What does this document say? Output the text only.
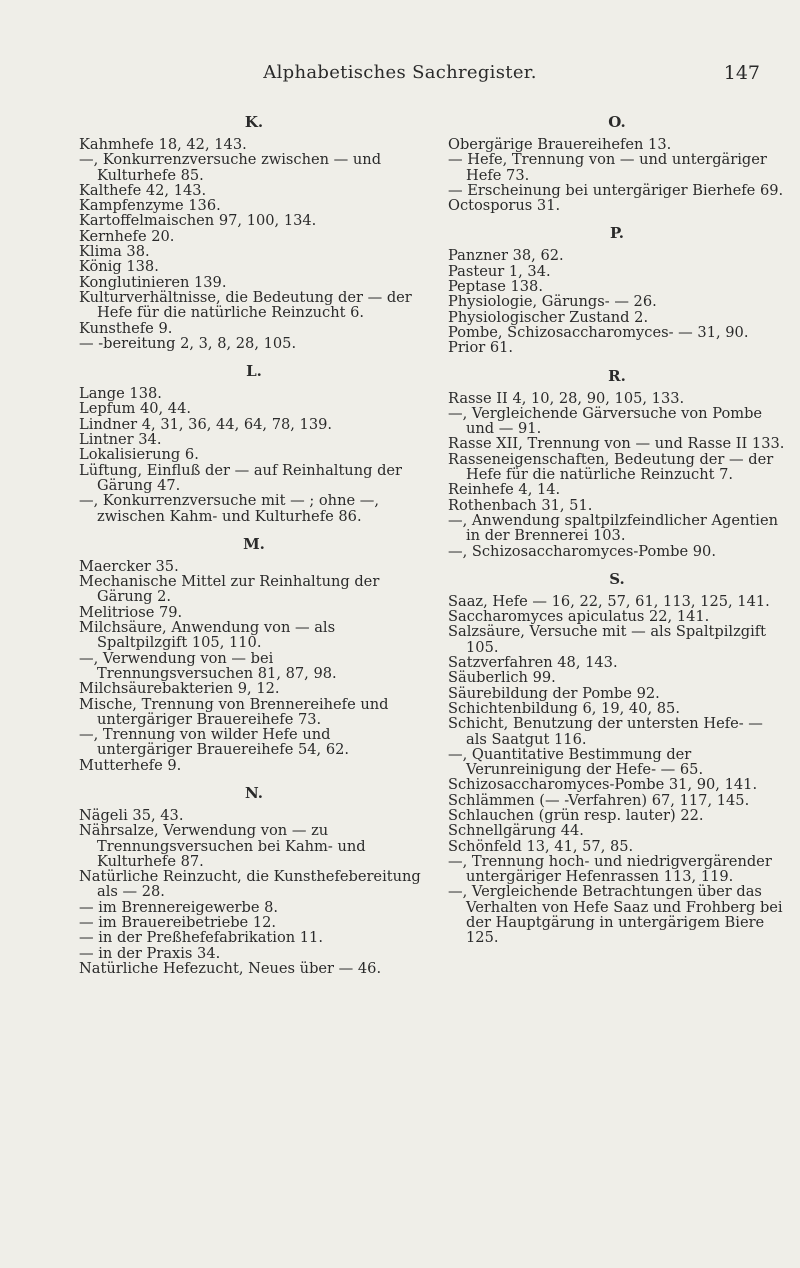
Alphabetisches Sachregister.	147
K.
Kahmhefe 18, 42, 143.
—, Konkurrenzversuche zwischen — und Kulturhefe 85.
Kalthefe 42, 143.
Kampfenzyme 136.
Kartoffelmaischen 97, 100, 134.
Kernhefe 20.
Klima 38.
König 138.
Konglutinieren 139.
Kulturverhältnisse, die Bedeutung der — der Hefe für die natürliche Reinzucht 6.
Kunsthefe 9.
— -bereitung 2, 3, 8, 28, 105.
L.
Lange 138.
Lepfum 40, 44.
Lindner 4, 31, 36, 44, 64, 78, 139.
Lintner 34.
Lokalisierung 6.
Lüftung, Einfluß der — auf Reinhaltung der Gärung 47.
—, Konkurrenzversuche mit — ; ohne —, zwischen Kahm- und Kulturhefe 86.
M.
Maercker 35.
Mechanische Mittel zur Reinhaltung der Gärung 2.
Melitriose 79.
Milchsäure, Anwendung von — als Spaltpilzgift 105, 110.
—, Verwendung von — bei Trennungsversuchen 81, 87, 98.
Milchsäurebakterien 9, 12.
Mische, Trennung von Brennereihefe und untergäriger Brauereihefe 73.
—, Trennung von wilder Hefe und untergäriger Brauereihefe 54, 62.
Mutterhefe 9.
N.
Nägeli 35, 43.
Nährsalze, Verwendung von — zu Trennungsversuchen bei Kahm- und Kulturhefe 87.
Natürliche Reinzucht, die Kunsthefebereitung als — 28.
— im Brennereigewerbe 8.
— im Brauereibetriebe 12.
— in der Preßhefefabrikation 11.
— in der Praxis 34.
Natürliche Hefezucht, Neues über — 46.
O.
Obergärige Brauereihefen 13.
— Hefe, Trennung von — und untergäriger Hefe 73.
— Erscheinung bei untergäriger Bierhefe 69.
Octosporus 31.
P.
Panzner 38, 62.
Pasteur 1, 34.
Peptase 138.
Physiologie, Gärungs- — 26.
Physiologischer Zustand 2.
Pombe, Schizosaccharomyces- — 31, 90.
Prior 61.
R.
Rasse II 4, 10, 28, 90, 105, 133.
—, Vergleichende Gärversuche von Pombe und — 91.
Rasse XII, Trennung von — und Rasse II 133.
Rasseneigenschaften, Bedeutung der — der Hefe für die natürliche Reinzucht 7.
Reinhefe 4, 14.
Rothenbach 31, 51.
—, Anwendung spaltpilzfeindlicher Agentien in der Brennerei 103.
—, Schizosaccharomyces-Pombe 90.
S.
Saaz, Hefe — 16, 22, 57, 61, 113, 125, 141.
Saccharomyces apiculatus 22, 141.
Salzsäure, Versuche mit — als Spaltpilzgift 105.
Satzverfahren 48, 143.
Säuberlich 99.
Säurebildung der Pombe 92.
Schichtenbildung 6, 19, 40, 85.
Schicht, Benutzung der untersten Hefe- — als Saatgut 116.
—, Quantitative Bestimmung der Verunreinigung der Hefe- — 65.
Schizosaccharomyces-Pombe 31, 90, 141.
Schlämmen (— -Verfahren) 67, 117, 145.
Schlauchen (grün resp. lauter) 22.
Schnellgärung 44.
Schönfeld 13, 41, 57, 85.
—, Trennung hoch- und niedrigvergärender untergäriger Hefenrassen 113, 119.
—, Vergleichende Betrachtungen über das Verhalten von Hefe Saaz und Frohberg bei der Hauptgärung in untergärigem Biere 125.
